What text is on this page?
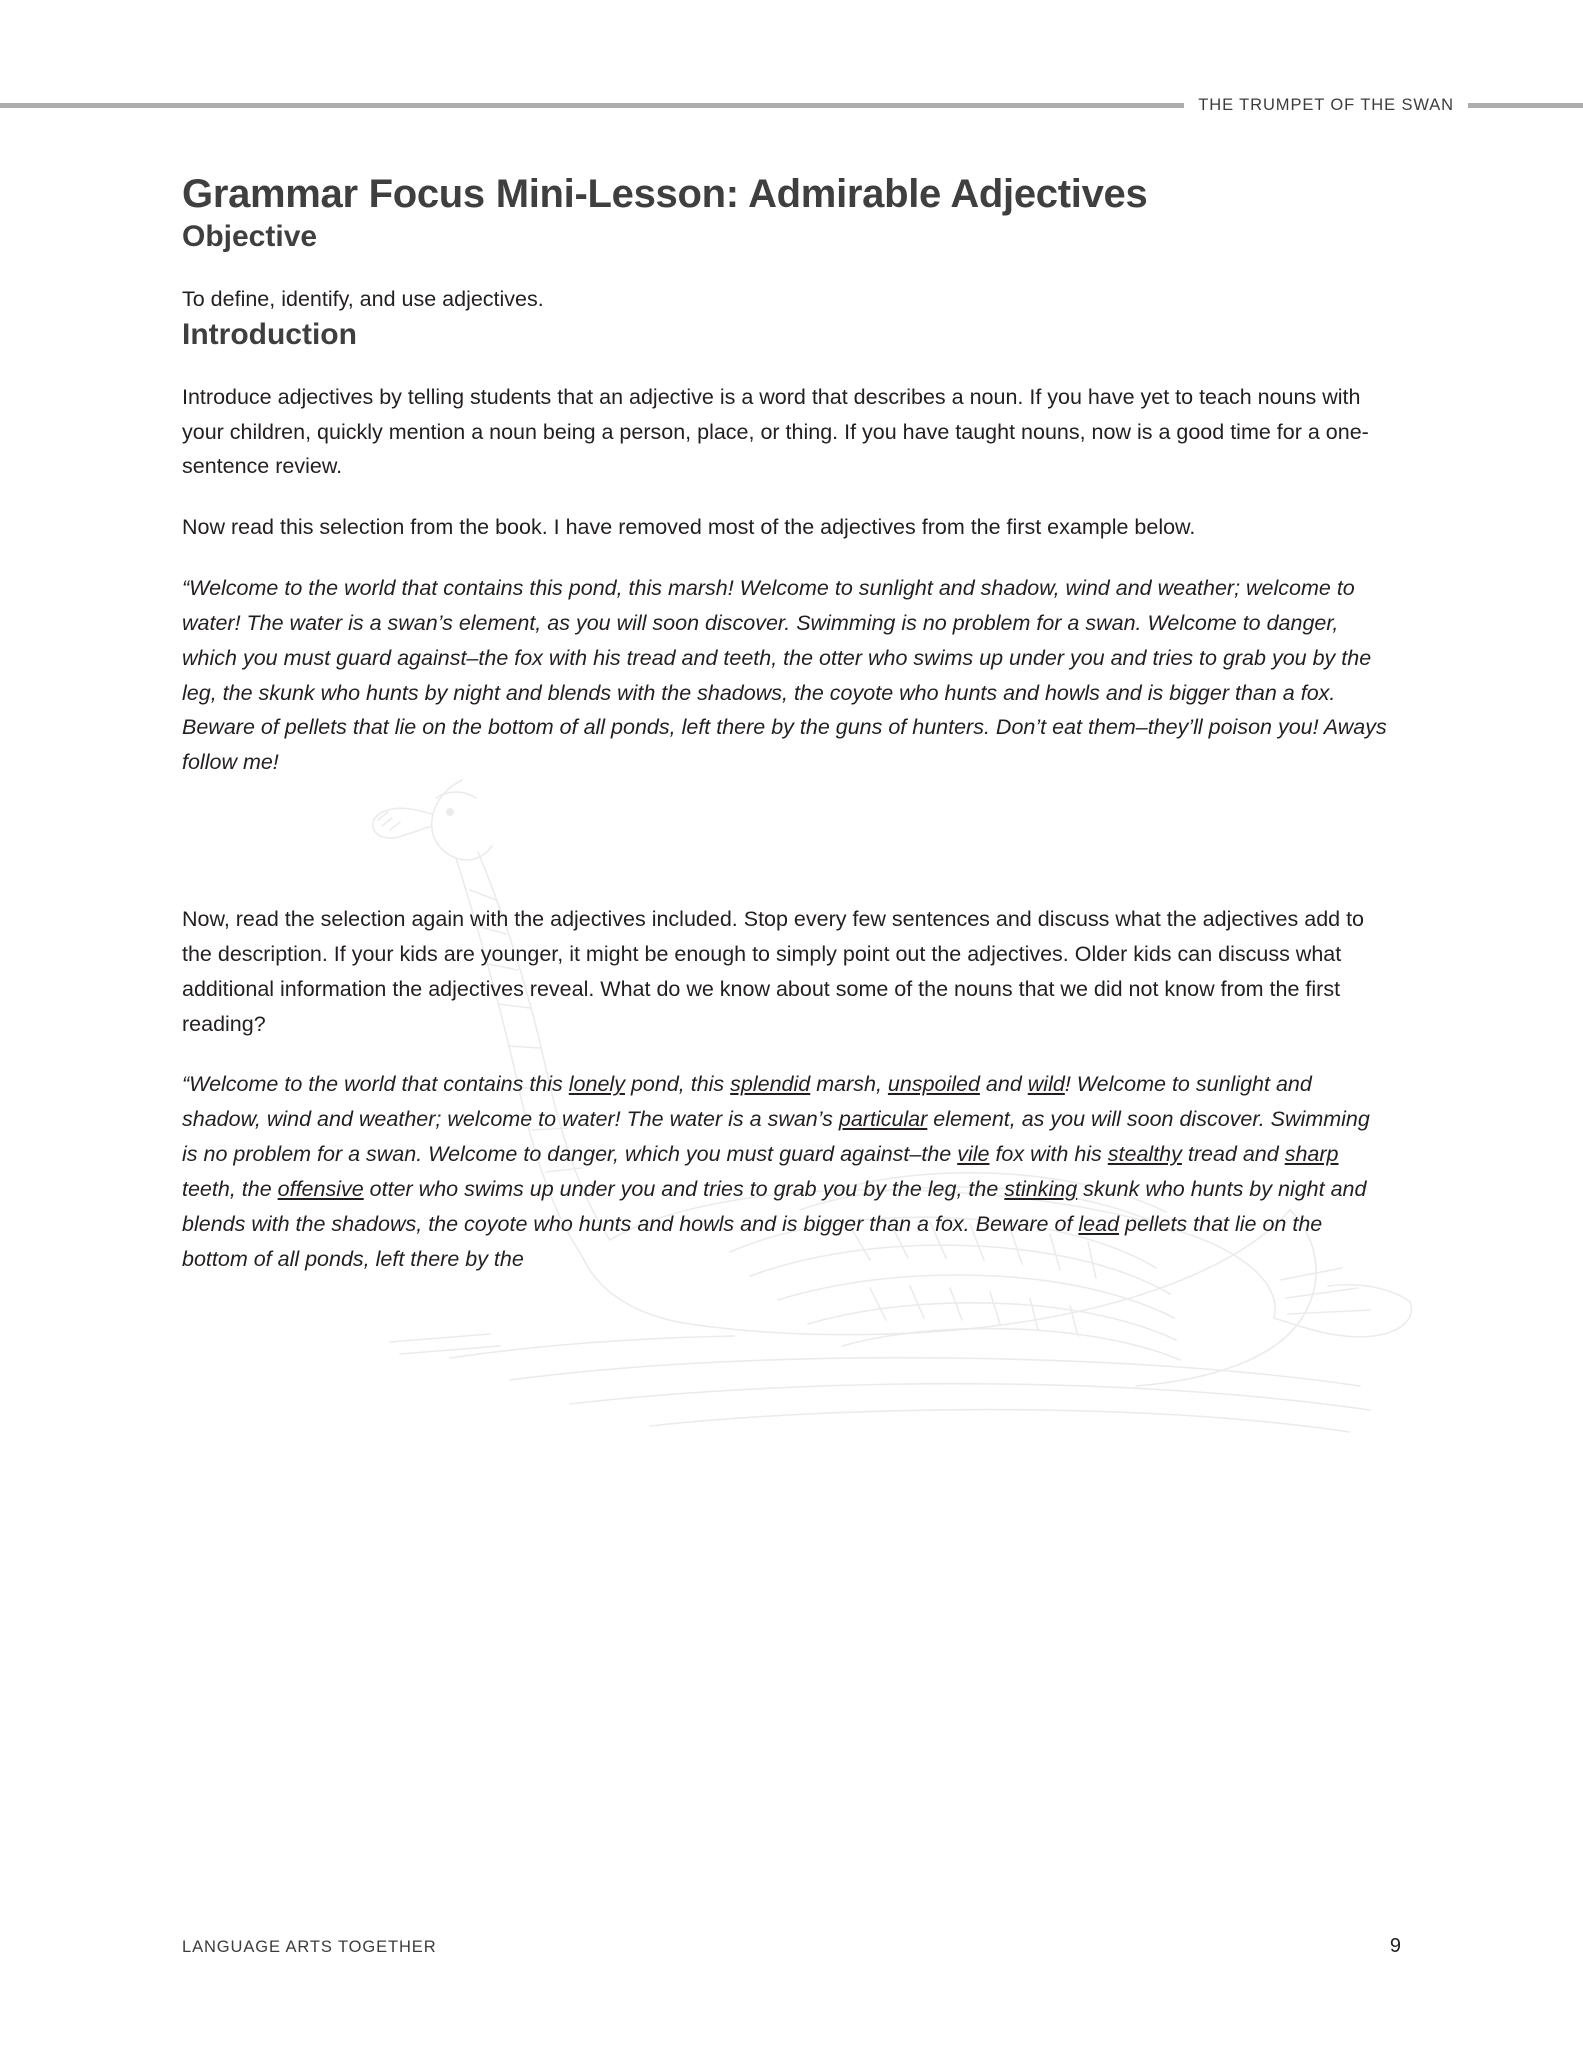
THE TRUMPET OF THE SWAN
Grammar Focus Mini-Lesson: Admirable Adjectives
Objective

To define, identify, and use adjectives.

Introduction

Introduce adjectives by telling students that an adjective is a word that describes a noun. If you have yet to teach nouns with your children, quickly mention a noun being a person, place, or thing. If you have taught nouns, now is a good time for a one-sentence review.

Now read this selection from the book. I have removed most of the adjectives from the first example below.

“Welcome to the world that contains this pond, this marsh! Welcome to sunlight and shadow, wind and weather; welcome to water! The water is a swan’s element, as you will soon discover. Swimming is no problem for a swan. Welcome to danger, which you must guard against–the fox with his tread and teeth, the otter who swims up under you and tries to grab you by the leg, the skunk who hunts by night and blends with the shadows, the coyote who hunts and howls and is bigger than a fox. Beware of pellets that lie on the bottom of all ponds, left there by the guns of hunters. Don’t eat them–they’ll poison you! Aways follow me!

Now, read the selection again with the adjectives included. Stop every few sentences and discuss what the adjectives add to the description. If your kids are younger, it might be enough to simply point out the adjectives. Older kids can discuss what additional information the adjectives reveal. What do we know about some of the nouns that we did not know from the first reading?

“Welcome to the world that contains this lonely pond, this splendid marsh, unspoiled and wild! Welcome to sunlight and shadow, wind and weather; welcome to water! The water is a swan’s particular element, as you will soon discover. Swimming is no problem for a swan. Welcome to danger, which you must guard against–the vile fox with his stealthy tread and sharp teeth, the offensive otter who swims up under you and tries to grab you by the leg, the stinking skunk who hunts by night and blends with the shadows, the coyote who hunts and howls and is bigger than a fox. Beware of lead pellets that lie on the bottom of all ponds, left there by the

LANGUAGE ARTS TOGETHER	9
